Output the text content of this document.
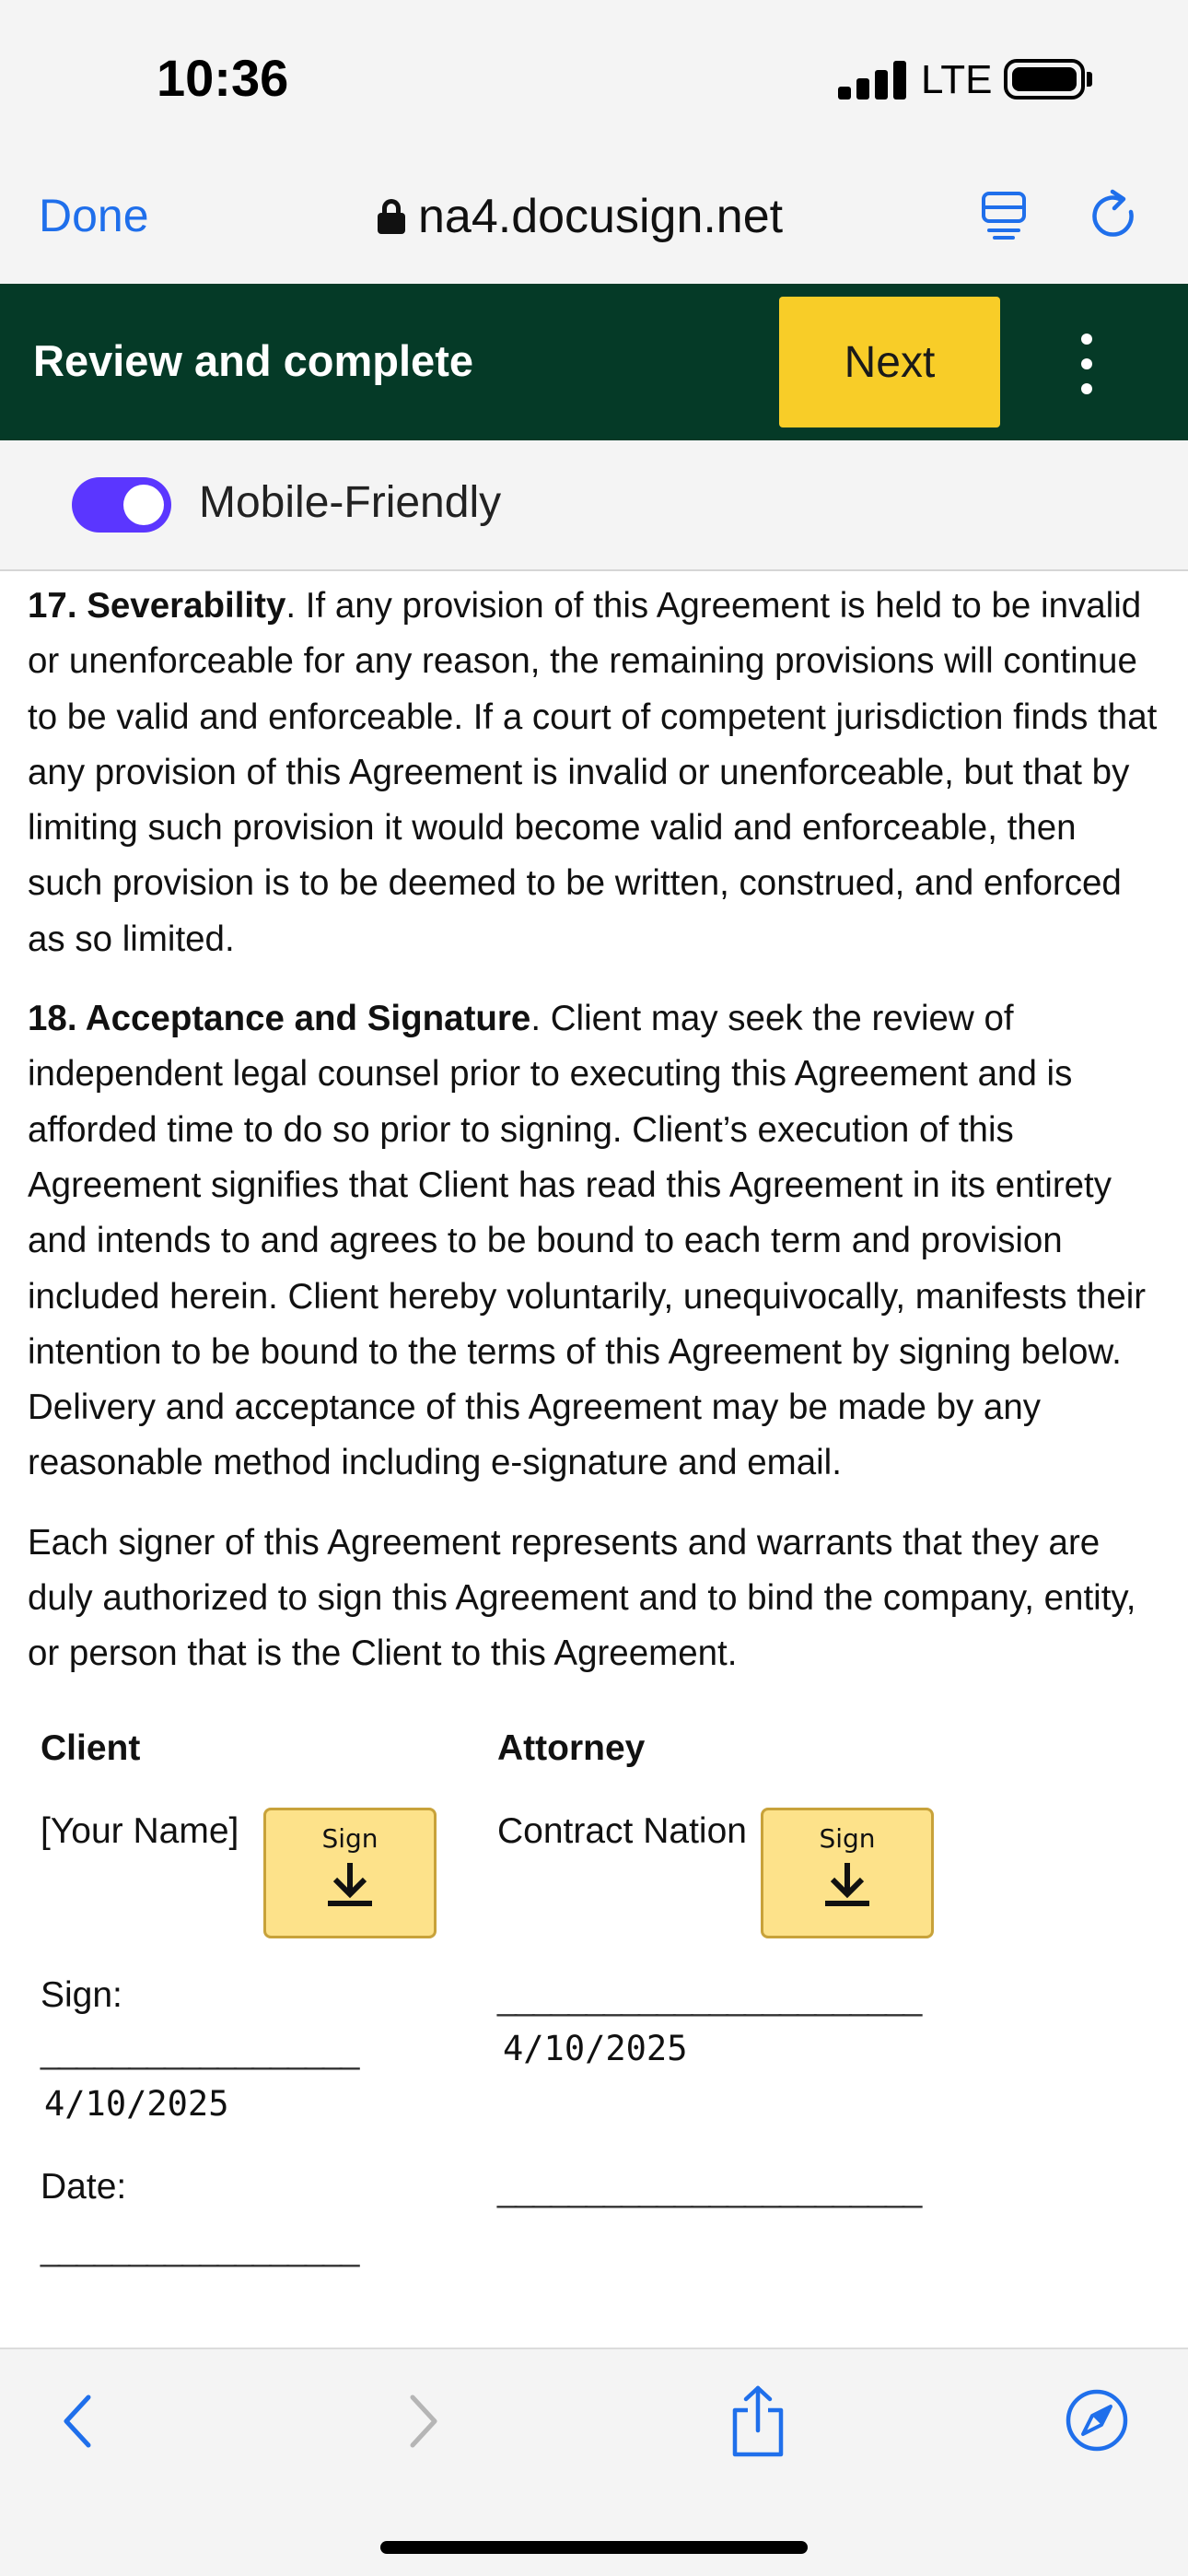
10:36	LTE
Done	na4.docusign.net
Review and complete	Next
Mobile-Friendly

17. Severability. If any provision of this Agreement is held to be invalid or unenforceable for any reason, the remaining provisions will continue to be valid and enforceable. If a court of competent jurisdiction finds that any provision of this Agreement is invalid or unenforceable, but that by limiting such provision it would become valid and enforceable, then such provision is to be deemed to be written, construed, and enforced as so limited.

18. Acceptance and Signature. Client may seek the review of independent legal counsel prior to executing this Agreement and is afforded time to do so prior to signing. Client’s execution of this Agreement signifies that Client has read this Agreement in its entirety and intends to and agrees to be bound to each term and provision included herein. Client hereby voluntarily, unequivocally, manifests their intention to be bound to the terms of this Agreement by signing below. Delivery and acceptance of this Agreement may be made by any reasonable method including e-signature and email.

Each signer of this Agreement represents and warrants that they are duly authorized to sign this Agreement and to bind the company, entity, or person that is the Client to this Agreement.

Client
[Your Name]	Sign
Sign:
__________________
4/10/2025
Date:
__________________
Attorney
Contract Nation	Sign
________________________
4/10/2025
________________________
